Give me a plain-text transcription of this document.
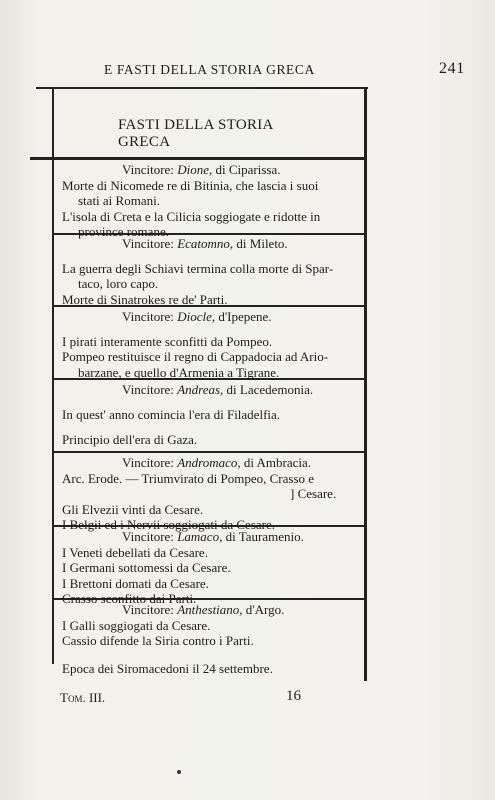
E FASTI DELLA STORIA GRECA	241
FASTI DELLA STORIA GRECA
Vincitore: Dione, di Ciparissa.
Morte di Nicomede re di Bitinia, che lascia i suoi
stati ai Romani.
L'isola di Creta e la Cilicia soggiogate e ridotte in
province romane.
Vincitore: Ecatomno, di Mileto.
La guerra degli Schiavi termina colla morte di Spar-
taco, loro capo.
Morte di Sinatrokes re de' Parti.
Vincitore: Diocle, d'Ipepene.
I pirati interamente sconfitti da Pompeo.
Pompeo restituisce il regno di Cappadocia ad Ario-
barzane, e quello d'Armenia a Tigrane.
Vincitore: Andreas, di Lacedemonia.
In quest' anno comincia l'era di Filadelfia.
Principio dell'era di Gaza.
Vincitore: Andromaco, di Ambracia.
Arc. Erode. — Triumvirato di Pompeo, Crasso e
] Cesare.
Gli Elvezii vinti da Cesare.
I Belgii ed i Nervii soggiogati da Cesare.
Vincitore: Lamaco, di Tauramenio.
I Veneti debellati da Cesare.
I Germani sottomessi da Cesare.
I Brettoni domati da Cesare.
Crasso sconfitto dai Parti.
Vincitore: Anthestiano, d'Argo.
I Galli soggiogati da Cesare.
Cassio difende la Siria contro i Parti.
Epoca dei Siromacedoni il 24 settembre.
Tom. III.	16
